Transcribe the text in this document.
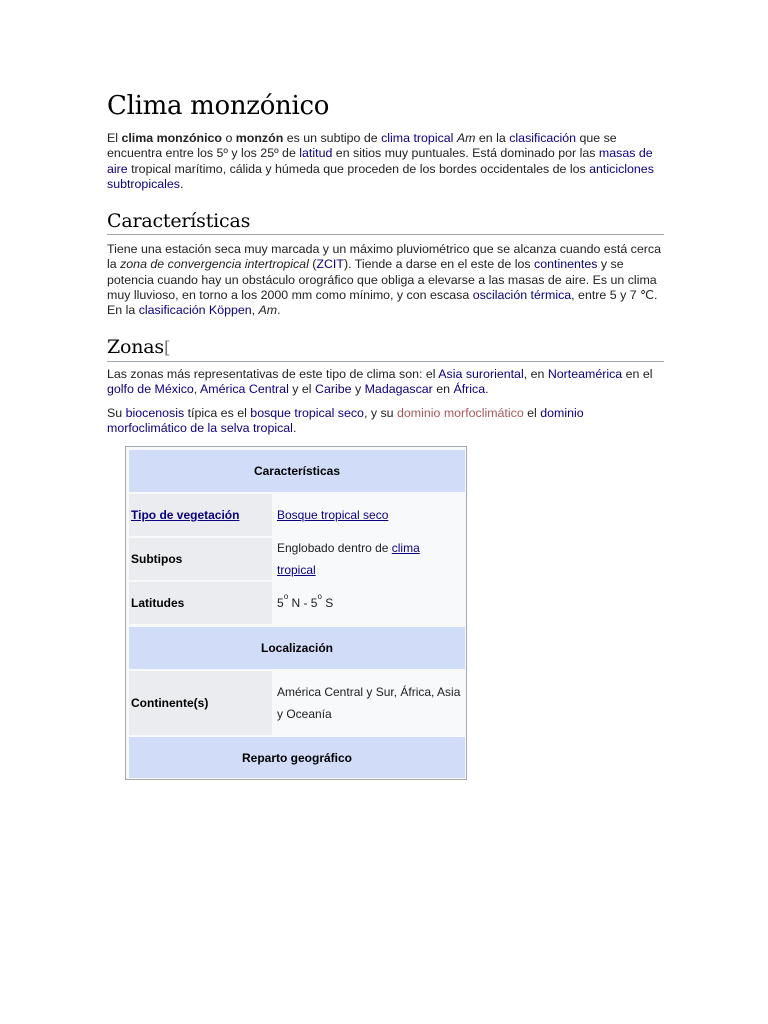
Clima monzónico

El clima monzónico o monzón es un subtipo de clima tropical Am en la clasificación que se encuentra entre los 5º y los 25º de latitud en sitios muy puntuales. Está dominado por las masas de aire tropical marítimo, cálida y húmeda que proceden de los bordes occidentales de los anticiclones subtropicales.

Características

Tiene una estación seca muy marcada y un máximo pluviométrico que se alcanza cuando está cerca la zona de convergencia intertropical (ZCIT). Tiende a darse en el este de los continentes y se potencia cuando hay un obstáculo orográfico que obliga a elevarse a las masas de aire. Es un clima muy lluvioso, en torno a los 2000 mm como mínimo, y con escasa oscilación térmica, entre 5 y 7 ℃. En la clasificación Köppen, Am.

Zonas[

Las zonas más representativas de este tipo de clima son: el Asia suroriental, en Norteamérica en el golfo de México, América Central y el Caribe y Madagascar en África.

Su biocenosis típica es el bosque tropical seco, y su dominio morfoclimático el dominio morfoclimático de la selva tropical.

Características
Tipo de vegetación	Bosque tropical seco
Subtipos
Englobado dentro de clima tropical
Latitudes	5$^o$ N - 5$^o$ S
Localización
Continente(s)
América Central y Sur, África, Asia y Oceanía
Reparto geográfico
